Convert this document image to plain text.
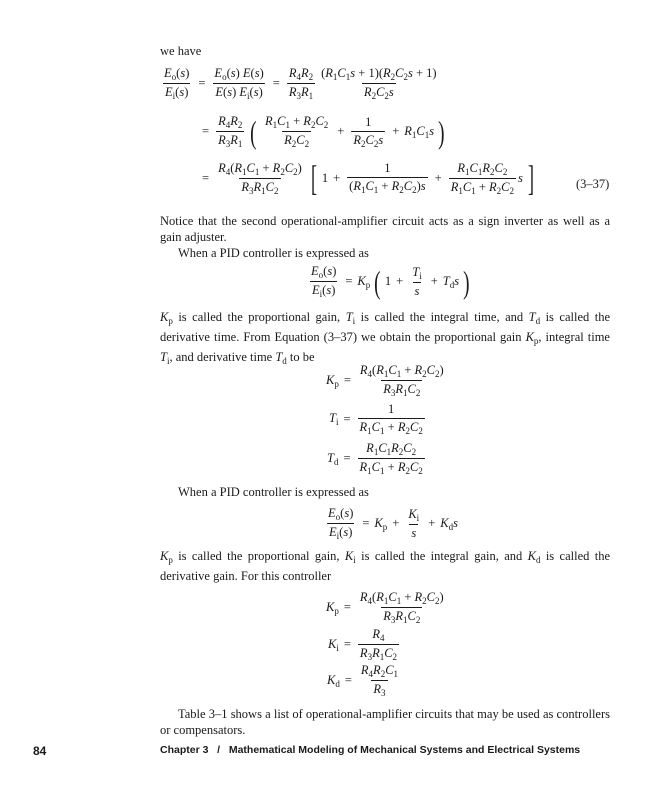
we have
$\frac{E_o(s)}{E_i(s)} = \frac{E_o(s) E(s)}{E(s) E_i(s)} = \frac{R_4R_2}{R_3R_1} \frac{(R_1C_1s + 1)(R_2C_2s + 1)}{R_2C_2s}$
= $\frac{R_4R_2}{R_3R_1}$ ( $\frac{R_1C_1 + R_2C_2}{R_2C_2} + \frac{1}{R_2C_2s} + R_1C_1s$ )
= $\frac{R_4(R_1C_1 + R_2C_2)}{R_3R_1C_2}$ [ $1 + \frac{1}{(R_1C_1 + R_2C_2)s} + \frac{R_1C_1R_2C_2}{R_1C_1 + R_2C_2}$ s ]	(3–37)
Notice that the second operational-amplifier circuit acts as a sign inverter as well as a gain adjuster.
When a PID controller is expressed as
$\frac{E_o(s)}{E_i(s)} = K_p$ ( $1 + \frac{T_i}{s} + T_ds$ )
$K_p$ is called the proportional gain, $T_i$ is called the integral time, and $T_d$ is called the derivative time. From Equation (3–37) we obtain the proportional gain $K_p$, integral time $T_i$, and derivative time $T_d$ to be
$K_p = \frac{R_4(R_1C_1 + R_2C_2)}{R_3R_1C_2}$
$T_i = \frac{1}{R_1C_1 + R_2C_2}$
$T_d = \frac{R_1C_1R_2C_2}{R_1C_1 + R_2C_2}$
When a PID controller is expressed as
$\frac{E_o(s)}{E_i(s)} = K_p + \frac{K_i}{s} + K_ds$
$K_p$ is called the proportional gain, $K_i$ is called the integral gain, and $K_d$ is called the derivative gain. For this controller
$K_p = \frac{R_4(R_1C_1 + R_2C_2)}{R_3R_1C_2}$
$K_i = \frac{R_4}{R_3R_1C_2}$
$K_d = \frac{R_4R_2C_1}{R_3}$
Table 3–1 shows a list of operational-amplifier circuits that may be used as controllers or compensators.
84	Chapter 3   /   Mathematical Modeling of Mechanical Systems and Electrical Systems
